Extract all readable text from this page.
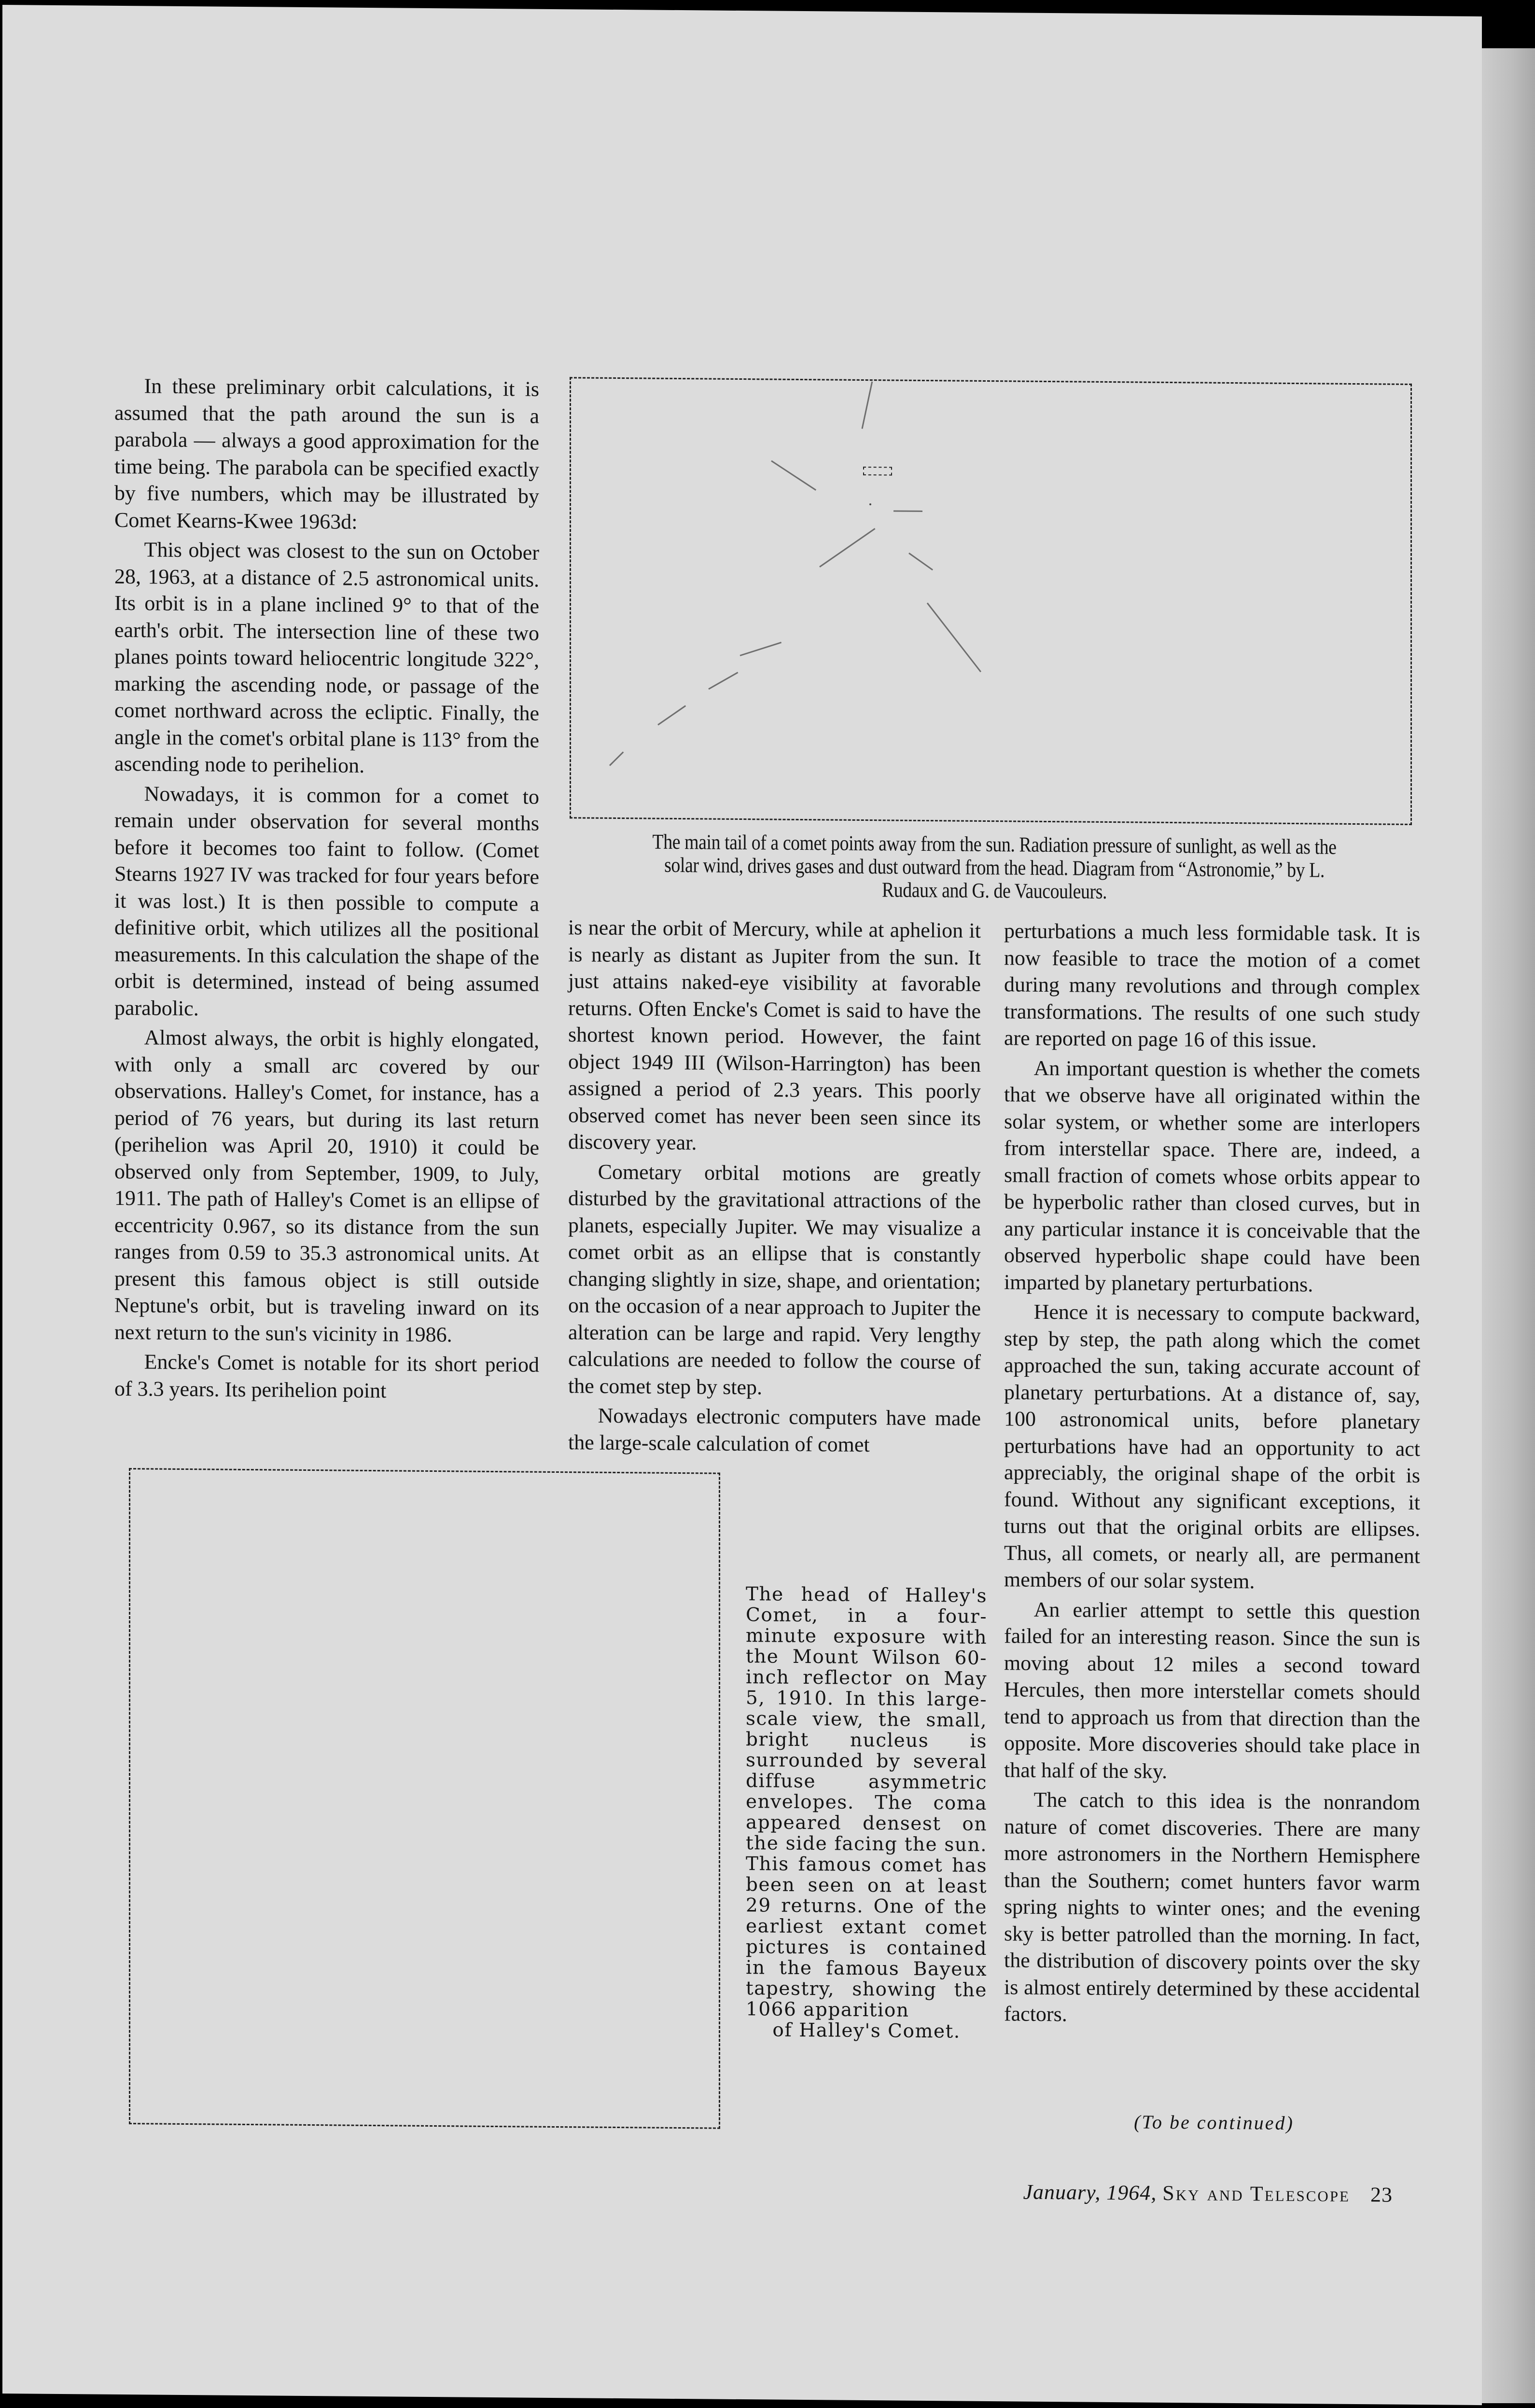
In these preliminary orbit calculations, it is assumed that the path around the sun is a parabola — always a good approximation for the time being. The parabola can be specified exactly by five numbers, which may be illustrated by Comet Kearns-Kwee 1963d:

This object was closest to the sun on October 28, 1963, at a distance of 2.5 astronomical units. Its orbit is in a plane inclined 9° to that of the earth's orbit. The intersection line of these two planes points toward heliocentric longitude 322°, marking the ascending node, or passage of the comet northward across the ecliptic. Finally, the angle in the comet's orbital plane is 113° from the ascending node to perihelion.

Nowadays, it is common for a comet to remain under observation for several months before it becomes too faint to follow. (Comet Stearns 1927 IV was tracked for four years before it was lost.) It is then possible to compute a definitive orbit, which utilizes all the positional measurements. In this calculation the shape of the orbit is determined, instead of being assumed parabolic.

Almost always, the orbit is highly elongated, with only a small arc covered by our observations. Halley's Comet, for instance, has a period of 76 years, but during its last return (perihelion was April 20, 1910) it could be observed only from September, 1909, to July, 1911. The path of Halley's Comet is an ellipse of eccentricity 0.967, so its distance from the sun ranges from 0.59 to 35.3 astronomical units. At present this famous object is still outside Neptune's orbit, but is traveling inward on its next return to the sun's vicinity in 1986.

Encke's Comet is notable for its short period of 3.3 years. Its perihelion point

The main tail of a comet points away from the sun. Radiation pressure of sunlight, as well as the solar wind, drives gases and dust outward from the head. Diagram from “Astronomie,” by L. Rudaux and G. de Vaucouleurs.

is near the orbit of Mercury, while at aphelion it is nearly as distant as Jupiter from the sun. It just attains naked-eye visibility at favorable returns. Often Encke's Comet is said to have the shortest known period. However, the faint object 1949 III (Wilson-Harrington) has been assigned a period of 2.3 years. This poorly observed comet has never been seen since its discovery year.

Cometary orbital motions are greatly disturbed by the gravitational attractions of the planets, especially Jupiter. We may visualize a comet orbit as an ellipse that is constantly changing slightly in size, shape, and orientation; on the occasion of a near approach to Jupiter the alteration can be large and rapid. Very lengthy calculations are needed to follow the course of the comet step by step.

Nowadays electronic computers have made the large-scale calculation of comet

perturbations a much less formidable task. It is now feasible to trace the motion of a comet during many revolutions and through complex transformations. The results of one such study are reported on page 16 of this issue.

An important question is whether the comets that we observe have all originated within the solar system, or whether some are interlopers from interstellar space. There are, indeed, a small fraction of comets whose orbits appear to be hyperbolic rather than closed curves, but in any particular instance it is conceivable that the observed hyperbolic shape could have been imparted by planetary perturbations.

Hence it is necessary to compute backward, step by step, the path along which the comet approached the sun, taking accurate account of planetary perturbations. At a distance of, say, 100 astronomical units, before planetary perturbations have had an opportunity to act appreciably, the original shape of the orbit is found. Without any significant exceptions, it turns out that the original orbits are ellipses. Thus, all comets, or nearly all, are permanent members of our solar system.

An earlier attempt to settle this question failed for an interesting reason. Since the sun is moving about 12 miles a second toward Hercules, then more interstellar comets should tend to approach us from that direction than the opposite. More discoveries should take place in that half of the sky.

The catch to this idea is the nonrandom nature of comet discoveries. There are many more astronomers in the Northern Hemisphere than the Southern; comet hunters favor warm spring nights to winter ones; and the evening sky is better patrolled than the morning. In fact, the distribution of discovery points over the sky is almost entirely determined by these accidental factors.

The head of Halley's Comet, in a four-minute exposure with the Mount Wilson 60-inch reflector on May 5, 1910. In this large-scale view, the small, bright nucleus is surrounded by several diffuse asymmetric envelopes. The coma appeared densest on the side facing the sun. This famous comet has been seen on at least 29 returns. One of the earliest extant comet pictures is contained in the famous Bayeux tapestry, showing the 1066 apparition
of Halley's Comet.
(To be continued)
January, 1964, Sky and Telescope 23
